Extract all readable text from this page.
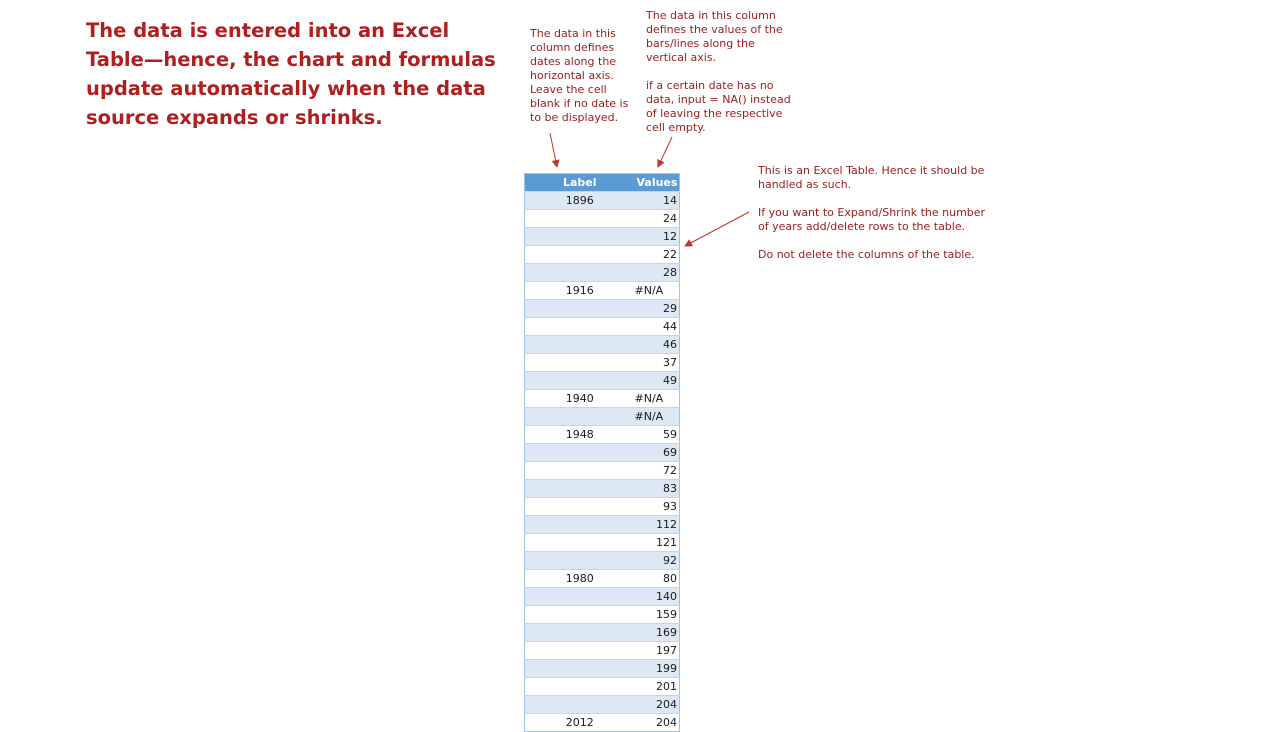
The data is entered into an Excel
Table—hence, the chart and formulas
update automatically when the data
source expands or shrinks.
The data in this
column defines
dates along the
horizontal axis.
Leave the cell
blank if no date is
to be displayed.
The data in this column
defines the values of the
bars/lines along the
vertical axis.

if a certain date has no
data, input = NA() instead
of leaving the respective
cell empty.
This is an Excel Table. Hence it should be
handled as such.

If you want to Expand/Shrink the number
of years add/delete rows to the table.

Do not delete the columns of the table.
Label	Values
1896	14
	24
	12
	22
	28
1916	#N/A
	29
	44
	46
	37
	49
1940	#N/A
	#N/A
1948	59
	69
	72
	83
	93
	112
	121
	92
1980	80
	140
	159
	169
	197
	199
	201
	204
2012	204
